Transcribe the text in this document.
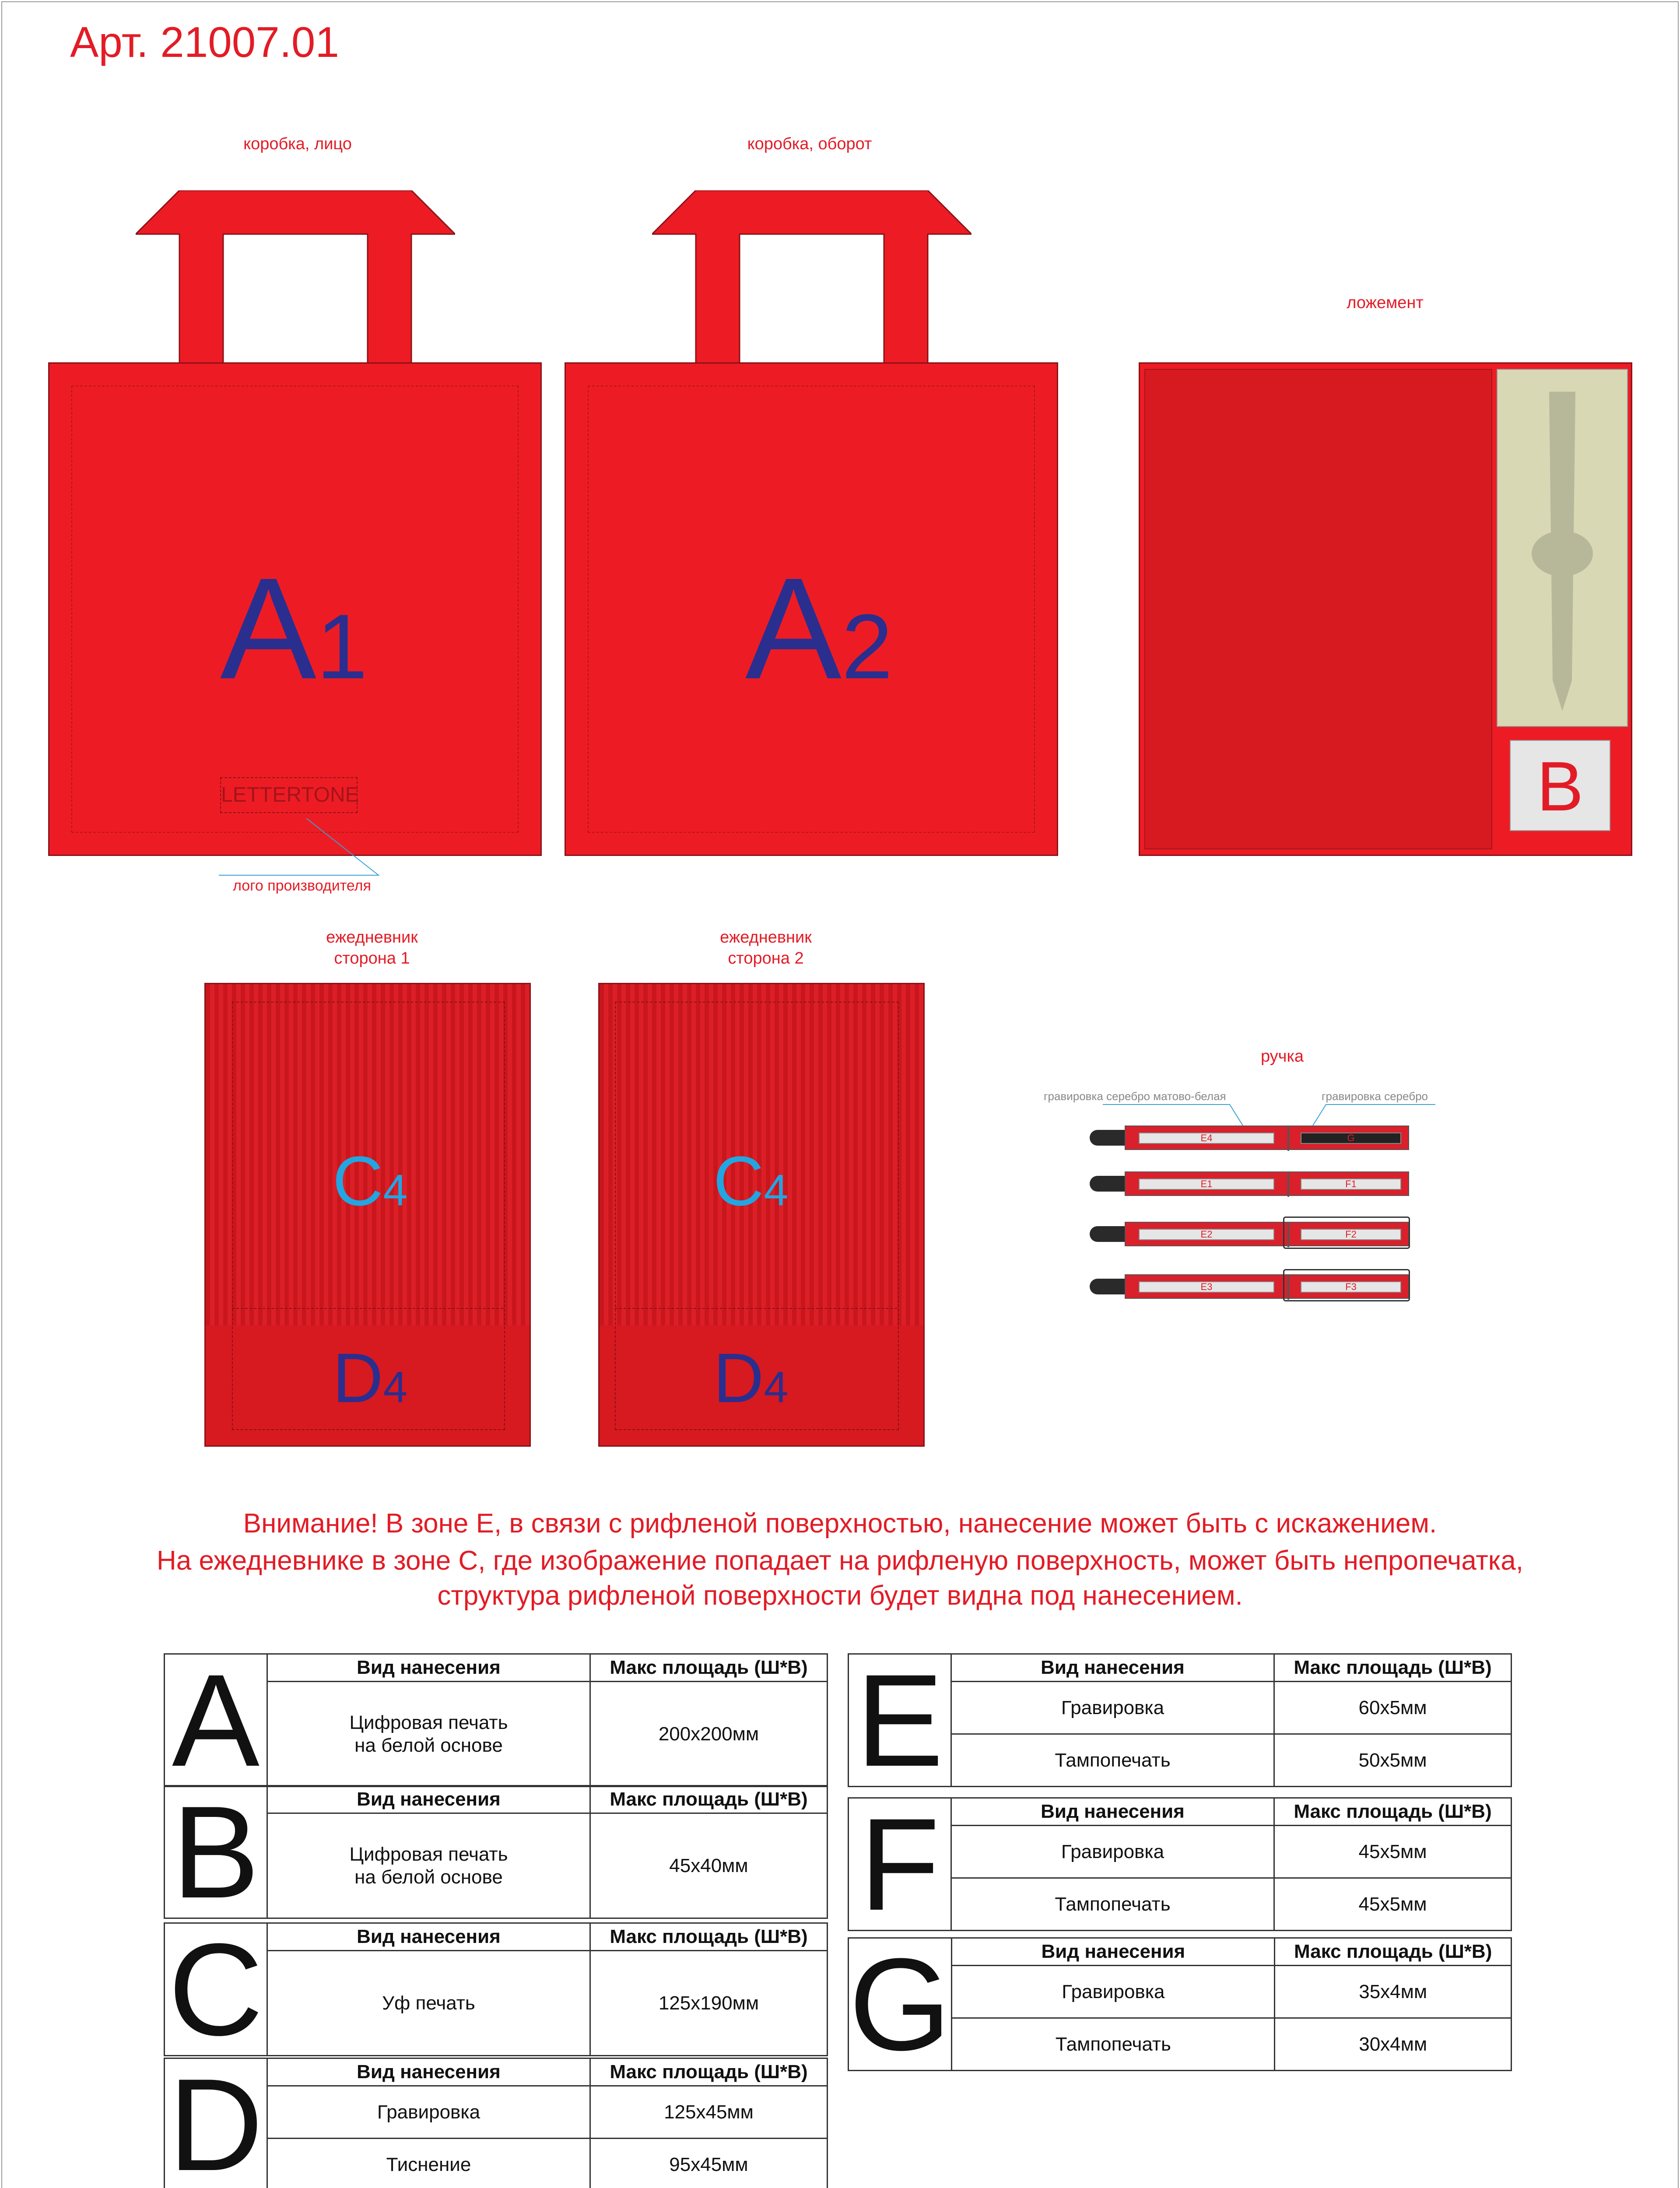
Арт. 21007.01
коробка, лицо	коробка, оборот
ложемент
A1
LETTERTONE
лого производителя
A2
B
ежедневник
сторона 1
ежедневник
сторона 2
C4
D4
C4
D4
ручка
гравировка серебро матово-белая	гравировка серебро
E4	G
E1	F1
E2	F2
E3	F3
Внимание! В зоне Е, в связи с рифленой поверхностью, нанесение может быть с искажением.
На ежедневнике в зоне С, где изображение попадает на рифленую поверхность, может быть непропечатка,
структура рифленой поверхности будет видна под нанесением.
A	Вид нанесения	Макс площадь (Ш*В)
	Цифровая печать
на белой основе	200х200мм
B	Вид нанесения	Макс площадь (Ш*В)
	Цифровая печать
на белой основе	45х40мм
C	Вид нанесения	Макс площадь (Ш*В)
	Уф печать	125х190мм
D	Вид нанесения	Макс площадь (Ш*В)
	Гравировка	125х45мм
	Тиснение	95х45мм
E	Вид нанесения	Макс площадь (Ш*В)
	Гравировка	60х5мм
	Тампопечать	50х5мм
F	Вид нанесения	Макс площадь (Ш*В)
	Гравировка	45х5мм
	Тампопечать	45х5мм
G	Вид нанесения	Макс площадь (Ш*В)
	Гравировка	35х4мм
	Тампопечать	30х4мм
